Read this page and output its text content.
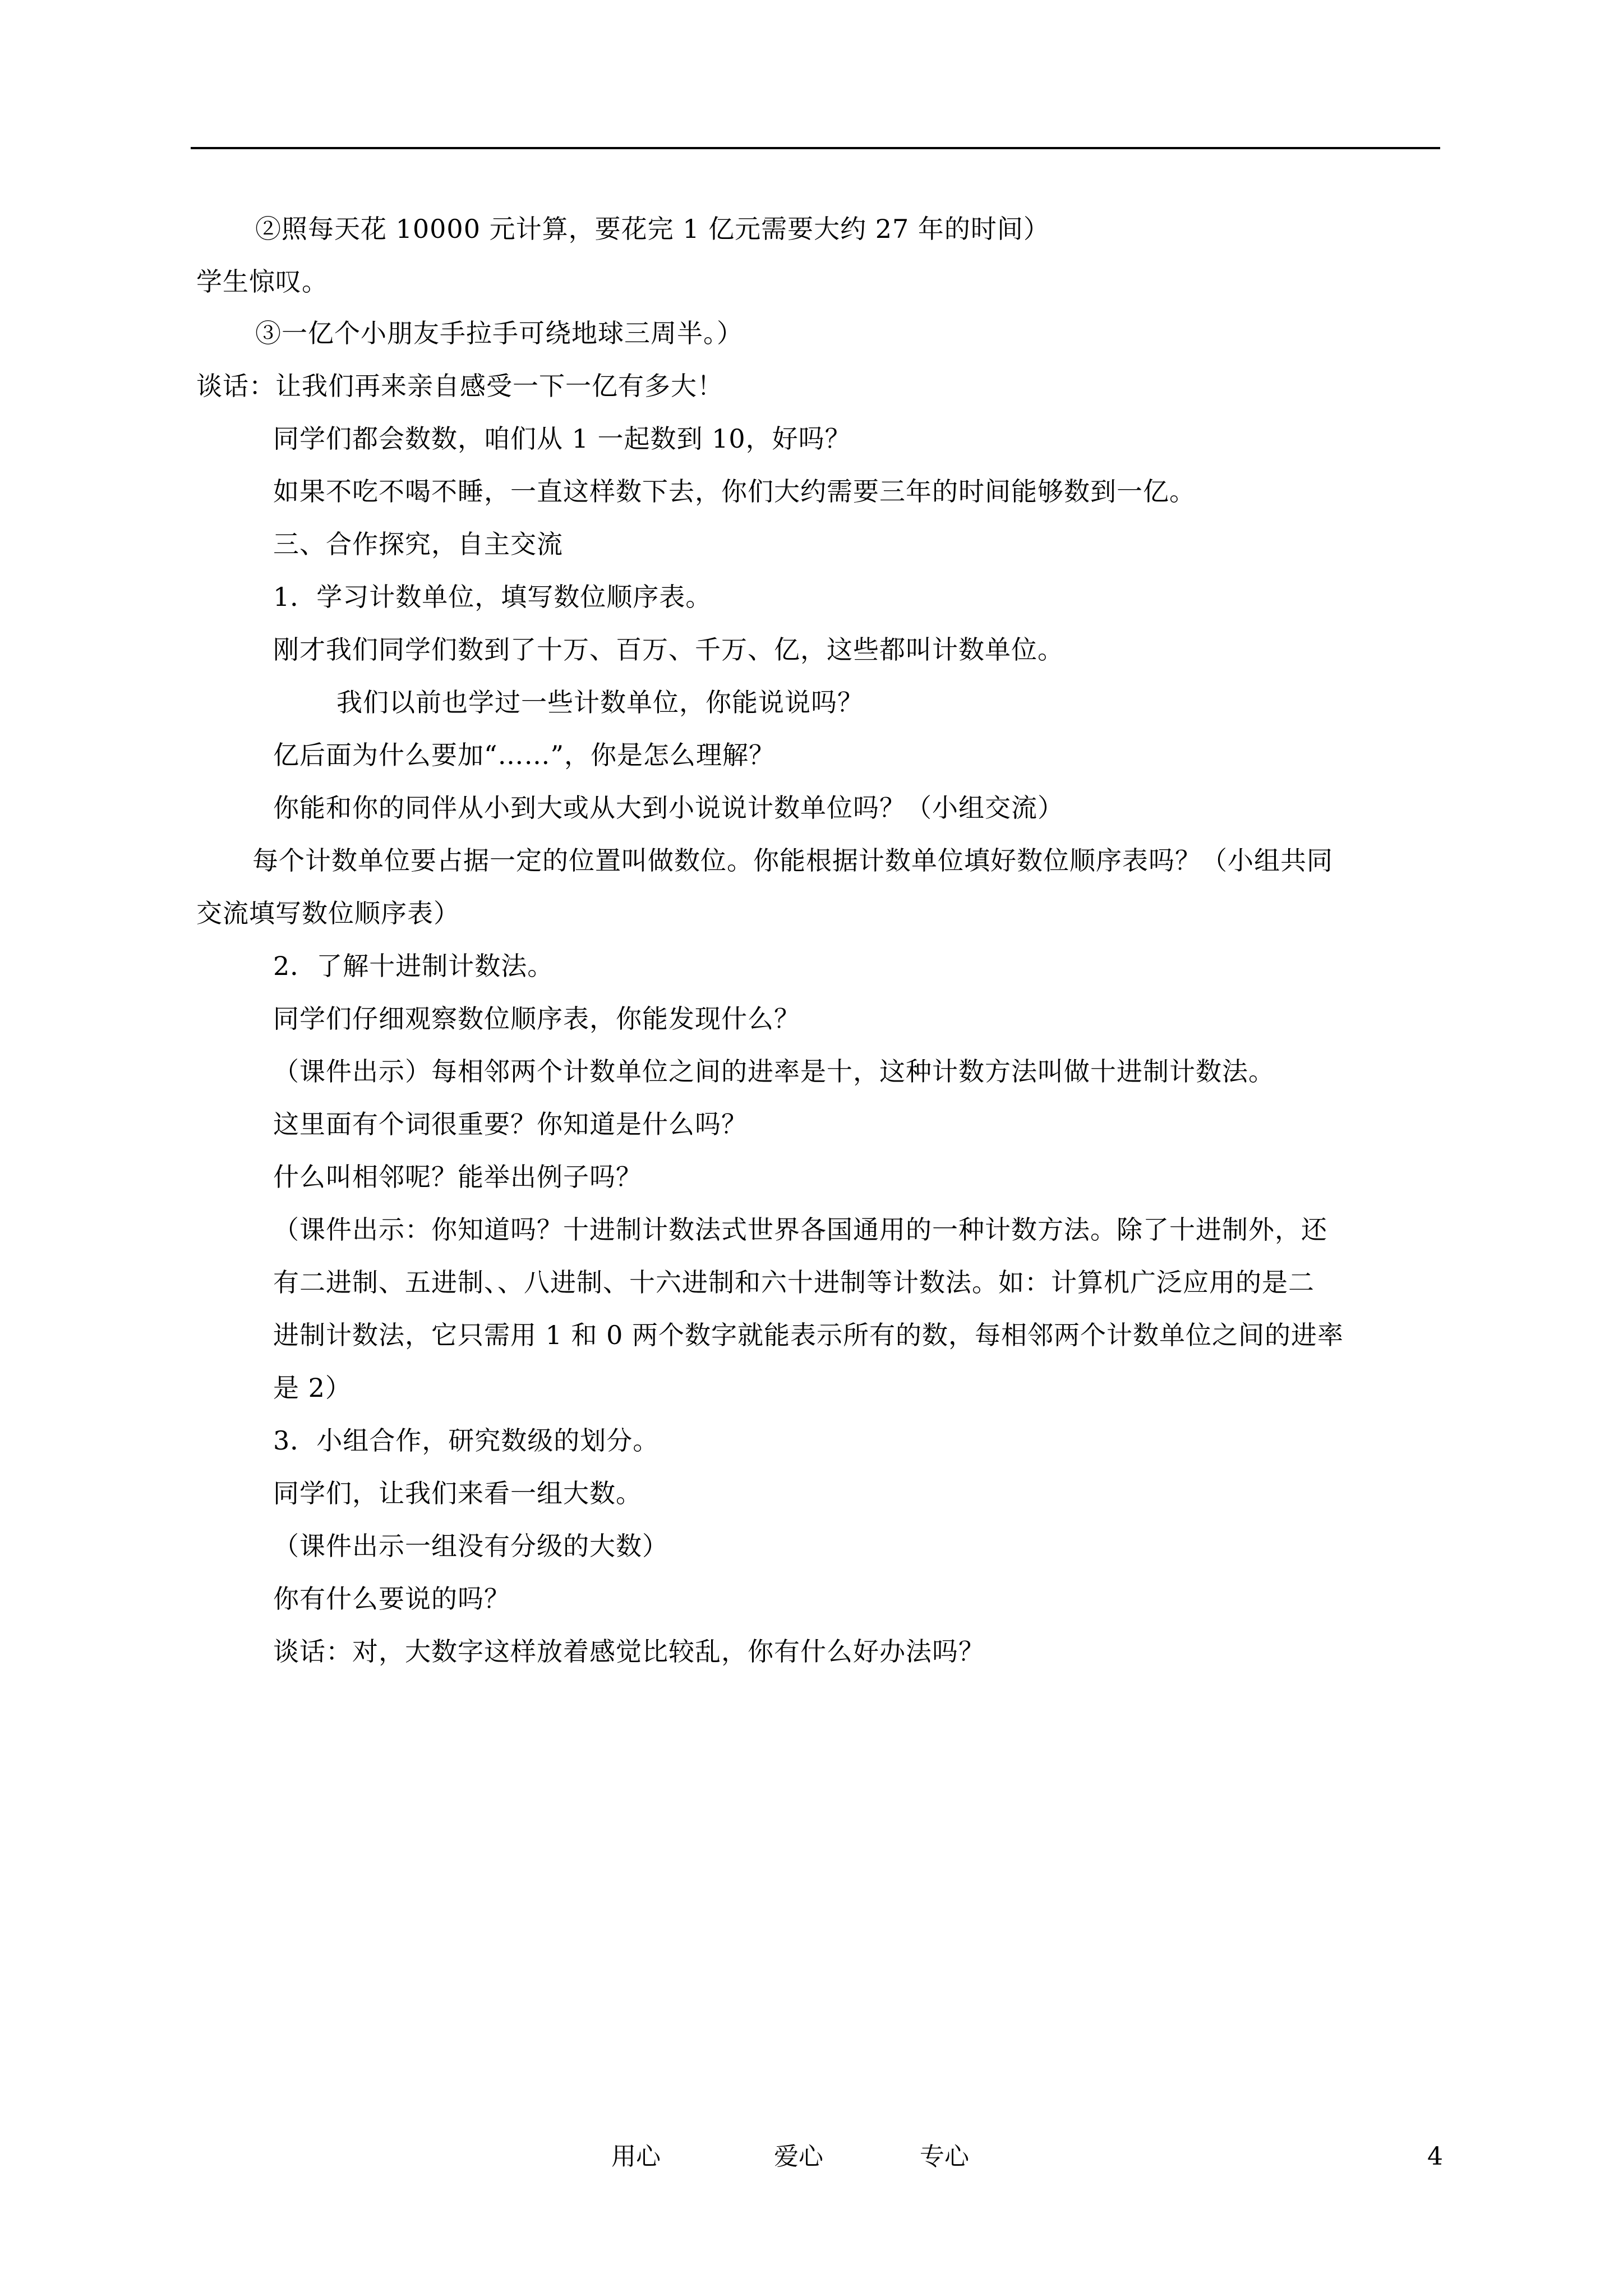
②照每天花 10000 元计算，要花完 1 亿元需要大约 27 年的时间）
学生惊叹。
③一亿个小朋友手拉手可绕地球三周半。）
谈话：让我们再来亲自感受一下一亿有多大！
同学们都会数数，咱们从 1 一起数到 10，好吗？
如果不吃不喝不睡，一直这样数下去，你们大约需要三年的时间能够数到一亿。
三、合作探究，自主交流
1．学习计数单位，填写数位顺序表。
刚才我们同学们数到了十万、百万、千万、亿，这些都叫计数单位。
我们以前也学过一些计数单位，你能说说吗？
亿后面为什么要加“……”，你是怎么理解？
你能和你的同伴从小到大或从大到小说说计数单位吗？（小组交流）
每个计数单位要占据一定的位置叫做数位。你能根据计数单位填好数位顺序表吗？（小组共同
交流填写数位顺序表）
2．了解十进制计数法。
同学们仔细观察数位顺序表，你能发现什么？
（课件出示）每相邻两个计数单位之间的进率是十，这种计数方法叫做十进制计数法。
这里面有个词很重要？你知道是什么吗？
什么叫相邻呢？能举出例子吗？
（课件出示：你知道吗？十进制计数法式世界各国通用的一种计数方法。除了十进制外，还
有二进制、五进制、、八进制、十六进制和六十进制等计数法。如：计算机广泛应用的是二
进制计数法，它只需用 1 和 0 两个数字就能表示所有的数，每相邻两个计数单位之间的进率
是 2）
3．小组合作，研究数级的划分。
同学们，让我们来看一组大数。
（课件出示一组没有分级的大数）
你有什么要说的吗？
谈话：对，大数字这样放着感觉比较乱，你有什么好办法吗？
用心	爱心	专心	4
